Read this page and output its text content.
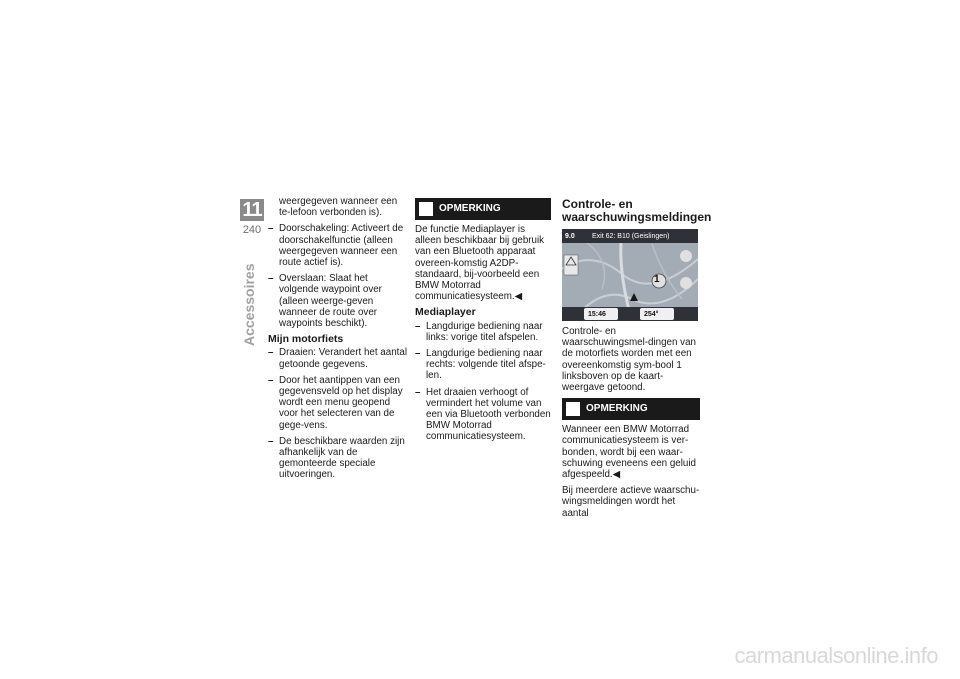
11
240
Accessoires

weergegeven wanneer een te-lefoon verbonden is).

– Doorschakeling: Activeert de doorschakelfunctie (alleen weergegeven wanneer een route actief is).

– Overslaan: Slaat het volgende waypoint over (alleen weerge-geven wanneer de route over waypoints beschikt).

Mijn motorfiets
– Draaien: Verandert het aantal getoonde gegevens.

– Door het aantippen van een gegevensveld op het display wordt een menu geopend voor het selecteren van de gege-vens.

– De beschikbare waarden zijn afhankelijk van de gemonteerde speciale uitvoeringen.

OPMERKING

De functie Mediaplayer is alleen beschikbaar bij gebruik van een Bluetooth apparaat overeen-komstig A2DP-standaard, bij-voorbeeld een BMW Motorrad communicatiesysteem.◀

Mediaplayer
– Langdurige bediening naar links: vorige titel afspelen.

– Langdurige bediening naar rechts: volgende titel afspe-len.

– Het draaien verhoogt of vermindert het volume van een via Bluetooth verbonden BMW Motorrad communicatiesysteem.

Controle- en waarschuwingsmeldingen
9.0 Exit 62: B10 (Geislingen)
1
15:46	254°

Controle- en waarschuwingsmel-dingen van de motorfiets worden met een overeenkomstig sym-bool 1 linksboven op de kaart-weergave getoond.

OPMERKING

Wanneer een BMW Motorrad communicatiesysteem is ver-bonden, wordt bij een waar-schuwing eveneens een geluid afgespeeld.◀

Bij meerdere actieve waarschu-wingsmeldingen wordt het aantal

carmanualsonline.info
